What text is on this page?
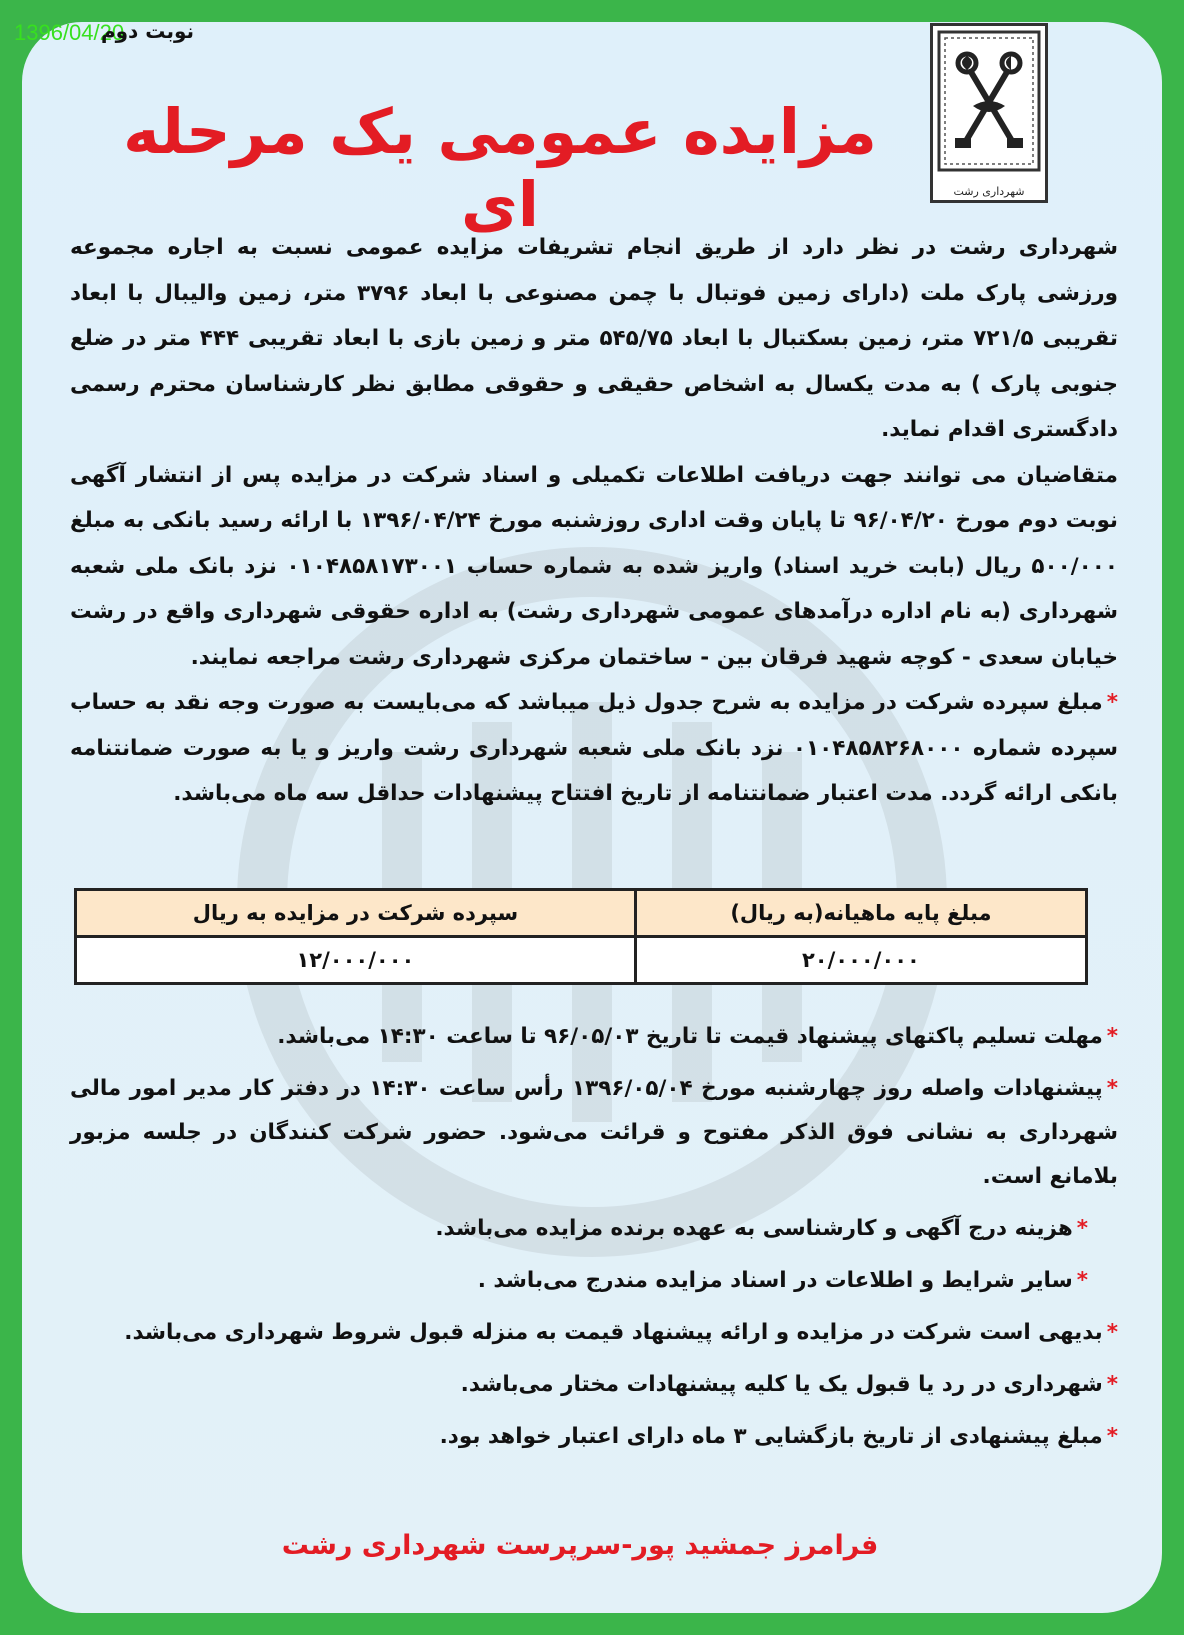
1396/04/20
نوبت دوم
شهرداری رشت
مزایده عمومی یک مرحله ای

شهرداری رشت در نظر دارد از طریق انجام تشریفات مزایده عمومی نسبت به اجاره مجموعه ورزشی پارک ملت (دارای زمین فوتبال با چمن مصنوعی با ابعاد ۳۷۹۶ متر، زمین والیبال با ابعاد تقریبی ۷۲۱/۵ متر، زمین بسکتبال با ابعاد ۵۴۵/۷۵ متر و زمین بازی با ابعاد تقریبی ۴۴۴ متر در ضلع جنوبی پارک ) به مدت یکسال به اشخاص حقیقی و حقوقی مطابق نظر کارشناسان محترم رسمی دادگستری اقدام نماید.

متقاضیان می توانند جهت دریافت اطلاعات تکمیلی و اسناد شرکت در مزایده پس از انتشار آگهی نوبت دوم مورخ ۹۶/۰۴/۲۰ تا پایان وقت اداری روزشنبه مورخ ۱۳۹۶/۰۴/۲۴ با ارائه رسید بانکی به مبلغ ۵۰۰/۰۰۰ ریال (بابت خرید اسناد) واریز شده به شماره حساب ۰۱۰۴۸۵۸۱۷۳۰۰۱ نزد بانک ملی شعبه شهرداری (به نام اداره درآمدهای عمومی شهرداری رشت) به اداره حقوقی شهرداری واقع در رشت خیابان سعدی - کوچه شهید فرقان بین - ساختمان مرکزی شهرداری رشت مراجعه نمایند.

*مبلغ سپرده شرکت در مزایده به شرح جدول ذیل میباشد که می‌بایست به صورت وجه نقد به حساب سپرده شماره ۰۱۰۴۸۵۸۲۶۸۰۰۰ نزد بانک ملی شعبه شهرداری رشت واریز و یا به صورت ضمانتنامه بانکی ارائه گردد. مدت اعتبار ضمانتنامه از تاریخ افتتاح پیشنهادات حداقل سه ماه می‌باشد.

مبلغ پایه ماهیانه(به ریال)	سپرده شرکت در مزایده به ریال
۲۰/۰۰۰/۰۰۰	۱۲/۰۰۰/۰۰۰

*مهلت تسلیم پاکتهای پیشنهاد قیمت تا تاریخ ۹۶/۰۵/۰۳ تا ساعت ۱۴:۳۰ می‌باشد.

*پیشنهادات واصله روز چهارشنبه مورخ ۱۳۹۶/۰۵/۰۴ رأس ساعت ۱۴:۳۰ در دفتر کار مدیر امور مالی شهرداری به نشانی فوق الذکر مفتوح و قرائت می‌شود. حضور شرکت کنندگان در جلسه مزبور بلامانع است.

*هزینه درج آگهی و کارشناسی به عهده برنده مزایده می‌باشد.

*سایر شرایط و اطلاعات در اسناد مزایده مندرج می‌باشد .

*بدیهی است شرکت در مزایده و ارائه پیشنهاد قیمت به منزله قبول شروط شهرداری می‌باشد.

*شهرداری در رد یا قبول یک یا کلیه پیشنهادات مختار می‌باشد.

*مبلغ پیشنهادی از تاریخ بازگشایی ۳ ماه دارای اعتبار خواهد بود.

فرامرز جمشید پور-سرپرست شهرداری رشت
